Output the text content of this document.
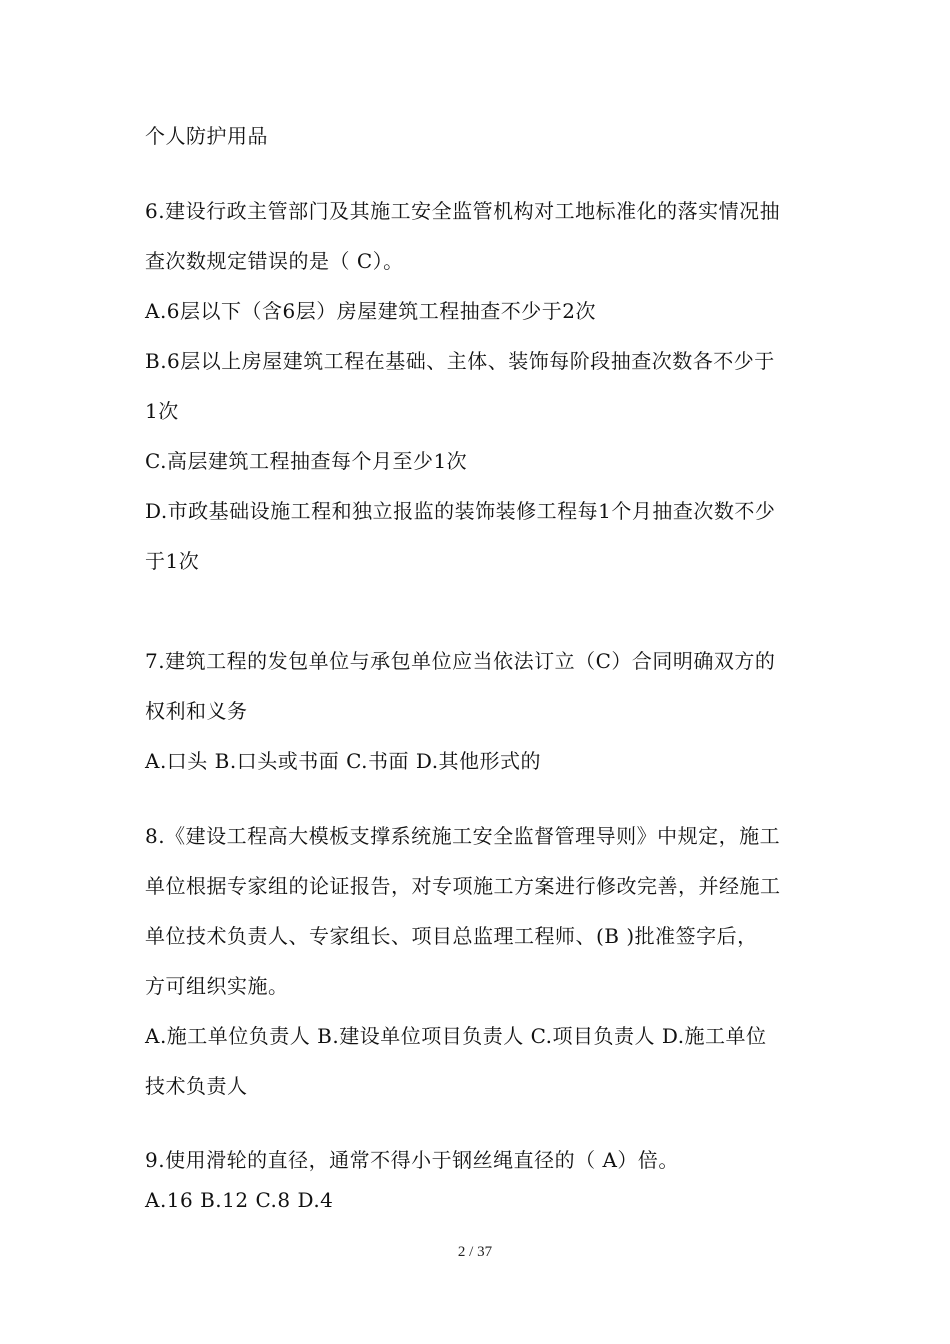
个人防护用品
6.建设行政主管部门及其施工安全监管机构对工地标准化的落实情况抽
查次数规定错误的是（ C）。
A.6层以下（含6层）房屋建筑工程抽查不少于2次
B.6层以上房屋建筑工程在基础、主体、装饰每阶段抽查次数各不少于
1次
C.高层建筑工程抽查每个月至少1次
D.市政基础设施工程和独立报监的装饰装修工程每1个月抽查次数不少
于1次
7.建筑工程的发包单位与承包单位应当依法订立（C）合同明确双方的
权利和义务
A.口头 B.口头或书面 C.书面 D.其他形式的
8.《建设工程高大模板支撑系统施工安全监督管理导则》中规定，施工
单位根据专家组的论证报告，对专项施工方案进行修改完善，并经施工
单位技术负责人、专家组长、项目总监理工程师、(B )批准签字后，
方可组织实施。
A.施工单位负责人 B.建设单位项目负责人 C.项目负责人 D.施工单位
技术负责人
9.使用滑轮的直径，通常不得小于钢丝绳直径的（ A）倍。
A.16 B.12 C.8 D.4
2 / 37
